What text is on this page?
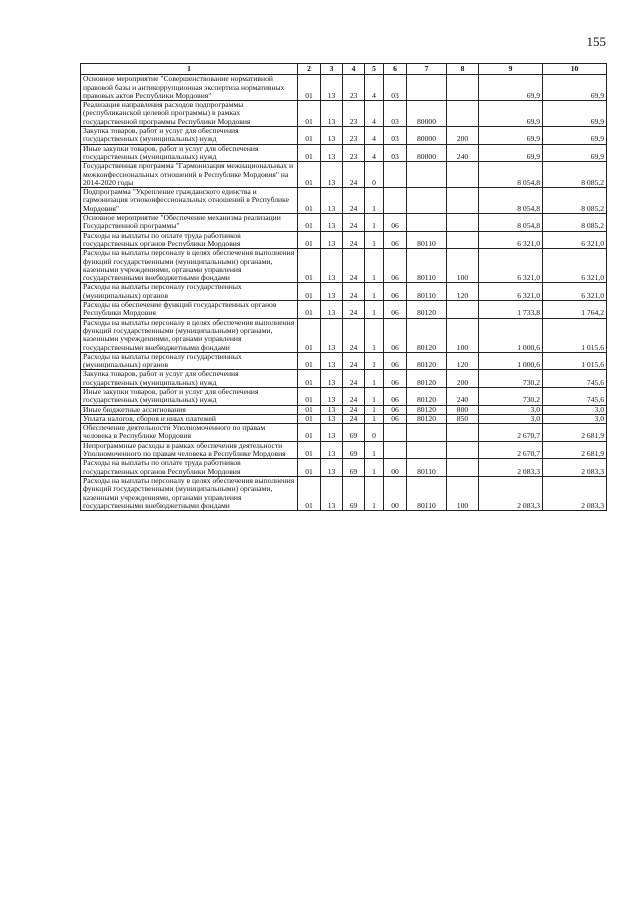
155
1	2	3	4	5	6	7	8	9	10
Основное мероприятие "Совершенствование нормативной правовой базы и антикоррупционная экспертиза нормативных правовых актов Республики Мордовия"	01	13	23	4	03			69,9	69,9
Реализация направления расходов подпрограммы (республиканской целевой программы) в рамках государственной программы Республики Мордовия	01	13	23	4	03	80000		69,9	69,9
Закупка товаров, работ и услуг для обеспечения государственных (муниципальных) нужд	01	13	23	4	03	80000	200	69,9	69,9
Иные закупки товаров, работ и услуг для обеспечения государственных (муниципальных) нужд	01	13	23	4	03	80000	240	69,9	69,9
Государственная программа "Гармонизация межнациональных и межконфессиональных отношений в Республике Мордовия" на 2014-2020 годы	01	13	24	0				8 054,8	8 085,2
Подпрограмма "Укрепление гражданского единства и гармонизация этноконфессиональных отношений в Республике Мордовия"	01	13	24	1				8 054,8	8 085,2
Основное мероприятие "Обеспечение механизма реализации Государственной программы"	01	13	24	1	06			8 054,8	8 085,2
Расходы на выплаты по оплате труда работников государственных органов Республики Мордовия	01	13	24	1	06	80110		6 321,0	6 321,0
Расходы на выплаты персоналу в целях обеспечения выполнения функций государственными (муниципальными) органами, казенными учреждениями, органами управления государственными внебюджетными фондами	01	13	24	1	06	80110	100	6 321,0	6 321,0
Расходы на выплаты персоналу государственных (муниципальных) органов	01	13	24	1	06	80110	120	6 321,0	6 321,0
Расходы на обеспечение функций государственных органов Республики Мордовия	01	13	24	1	06	80120		1 733,8	1 764,2
Расходы на выплаты персоналу в целях обеспечения выполнения функций государственными (муниципальными) органами, казенными учреждениями, органами управления государственными внебюджетными фондами	01	13	24	1	06	80120	100	1 000,6	1 015,6
Расходы на выплаты персоналу государственных (муниципальных) органов	01	13	24	1	06	80120	120	1 000,6	1 015,6
Закупка товаров, работ и услуг для обеспечения государственных (муниципальных) нужд	01	13	24	1	06	80120	200	730,2	745,6
Иные закупки товаров, работ и услуг для обеспечения государственных (муниципальных) нужд	01	13	24	1	06	80120	240	730,2	745,6
Иные бюджетные ассигнования	01	13	24	1	06	80120	800	3,0	3,0
Уплата налогов, сборов и иных платежей	01	13	24	1	06	80120	850	3,0	3,0
Обеспечение деятельности Уполномоченного по правам человека в Республике Мордовия	01	13	69	0				2 670,7	2 681,9
Непрограммные расходы в рамках обеспечения деятельности Уполномоченного по правам человека в Республике Мордовия	01	13	69	1				2 670,7	2 681,9
Расходы на выплаты по оплате труда работников государственных органов Республики Мордовия	01	13	69	1	00	80110		2 083,3	2 083,3
Расходы на выплаты персоналу в целях обеспечения выполнения функций государственными (муниципальными) органами, казенными учреждениями, органами управления государственными внебюджетными фондами	01	13	69	1	00	80110	100	2 083,3	2 083,3
